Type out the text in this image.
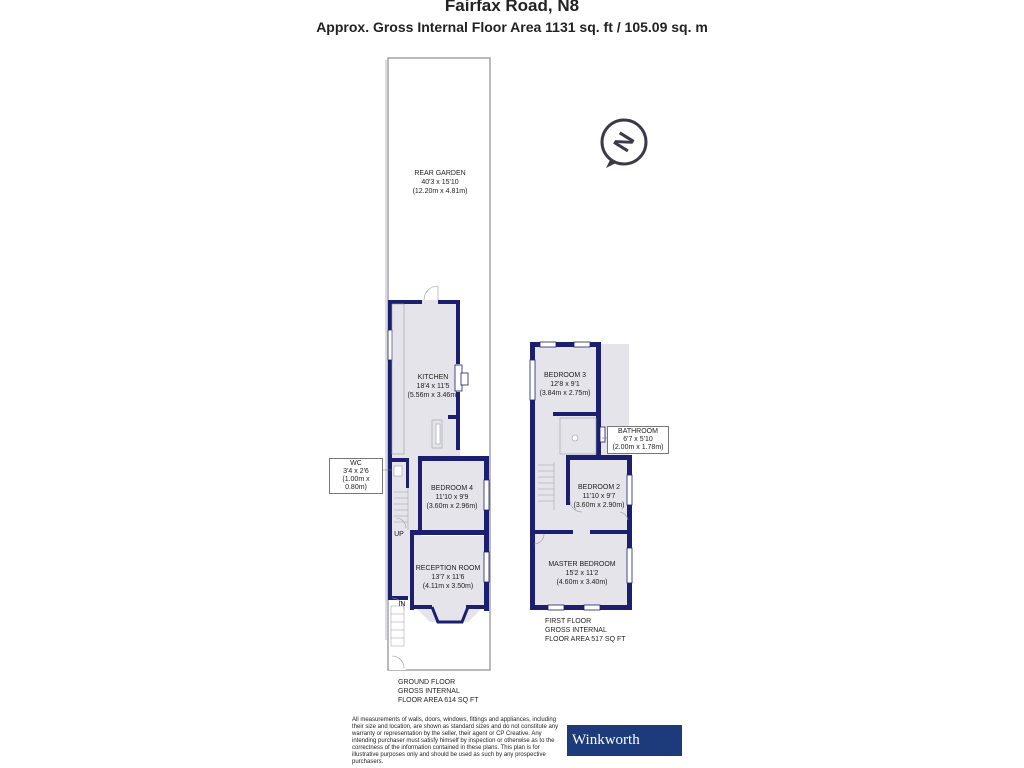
Fairfax Road, N8
Approx. Gross Internal Floor Area 1131 sq. ft / 105.09 sq. m
N
REAR GARDEN
40'3 x 15'10
(12.20m x 4.81m)
KITCHEN
18'4 x 11'5
(5.56m x 3.46m)
BEDROOM 4
11'10 x 9'9
(3.60m x 2.96m)
RECEPTION ROOM
13'7 x 11'6
(4.11m x 3.50m)
BEDROOM 3
12'8 x 9'1
(3.84m x 2.75m)
BEDROOM 2
11'10 x 9'7
(3.60m x 2.90m)
MASTER BEDROOM
15'2 x 11'2
(4.60m x 3.40m)
WC
3'4 x 2'6
(1.00m x 0.80m)
BATHROOM
6'7 x 5'10
(2.00m x 1.78m)
UP
IN
GROUND FLOOR
GROSS INTERNAL
FLOOR AREA 614 SQ FT
FIRST FLOOR
GROSS INTERNAL
FLOOR AREA 517 SQ FT
All measurements of walls, doors, windows, fittings and appliances, including their size and location, are shown as standard sizes and do not constitute any warranty or representation by the seller, their agent or CP Creative. Any intending purchaser must satisfy himself by inspection or otherwise as to the correctness of the information contained in these plans. This plan is for illustrative purposes only and should be used as such by any prospective purchasers.
Winkworth
